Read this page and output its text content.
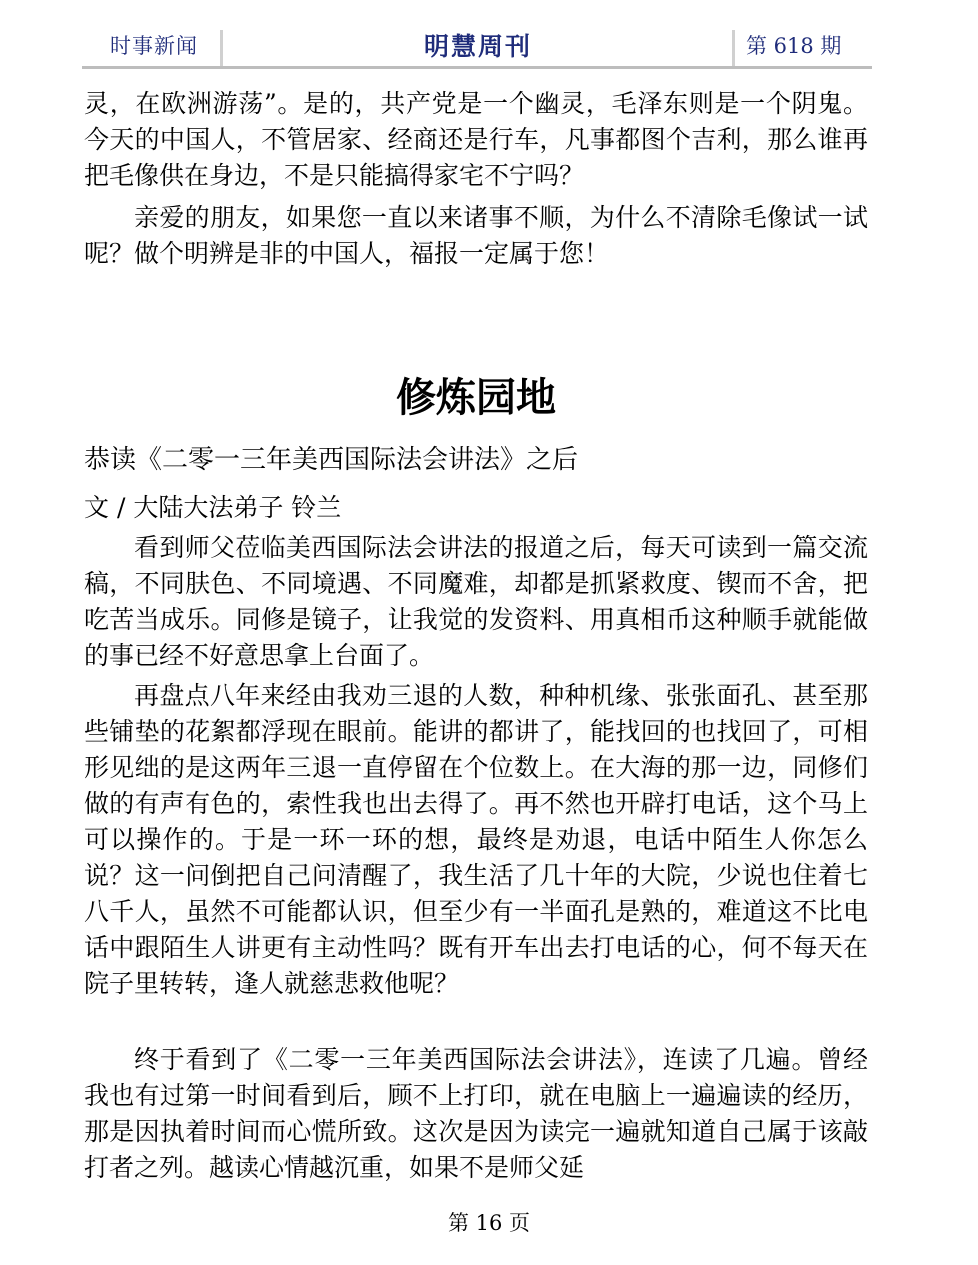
时事新闻	明慧周刊	第 618 期

灵，在欧洲游荡”。是的，共产党是一个幽灵，毛泽东则是一个阴鬼。今天的中国人，不管居家、经商还是行车，凡事都图个吉利，那么谁再把毛像供在身边，不是只能搞得家宅不宁吗？

亲爱的朋友，如果您一直以来诸事不顺，为什么不清除毛像试一试呢？做个明辨是非的中国人，福报一定属于您！

修炼园地
恭读《二零一三年美西国际法会讲法》之后

文 / 大陆大法弟子 铃兰

看到师父莅临美西国际法会讲法的报道之后，每天可读到一篇交流稿，不同肤色、不同境遇、不同魔难，却都是抓紧救度、锲而不舍，把吃苦当成乐。同修是镜子，让我觉的发资料、用真相币这种顺手就能做的事已经不好意思拿上台面了。

再盘点八年来经由我劝三退的人数，种种机缘、张张面孔、甚至那些铺垫的花絮都浮现在眼前。能讲的都讲了，能找回的也找回了，可相形见绌的是这两年三退一直停留在个位数上。在大海的那一边，同修们做的有声有色的，索性我也出去得了。再不然也开辟打电话，这个马上可以操作的。于是一环一环的想，最终是劝退，电话中陌生人你怎么说？这一问倒把自己问清醒了，我生活了几十年的大院，少说也住着七八千人，虽然不可能都认识，但至少有一半面孔是熟的，难道这不比电话中跟陌生人讲更有主动性吗？既有开车出去打电话的心，何不每天在院子里转转，逢人就慈悲救他呢？

终于看到了《二零一三年美西国际法会讲法》，连读了几遍。曾经我也有过第一时间看到后，顾不上打印，就在电脑上一遍遍读的经历，那是因执着时间而心慌所致。这次是因为读完一遍就知道自己属于该敲打者之列。越读心情越沉重，如果不是师父延

第 16 页
